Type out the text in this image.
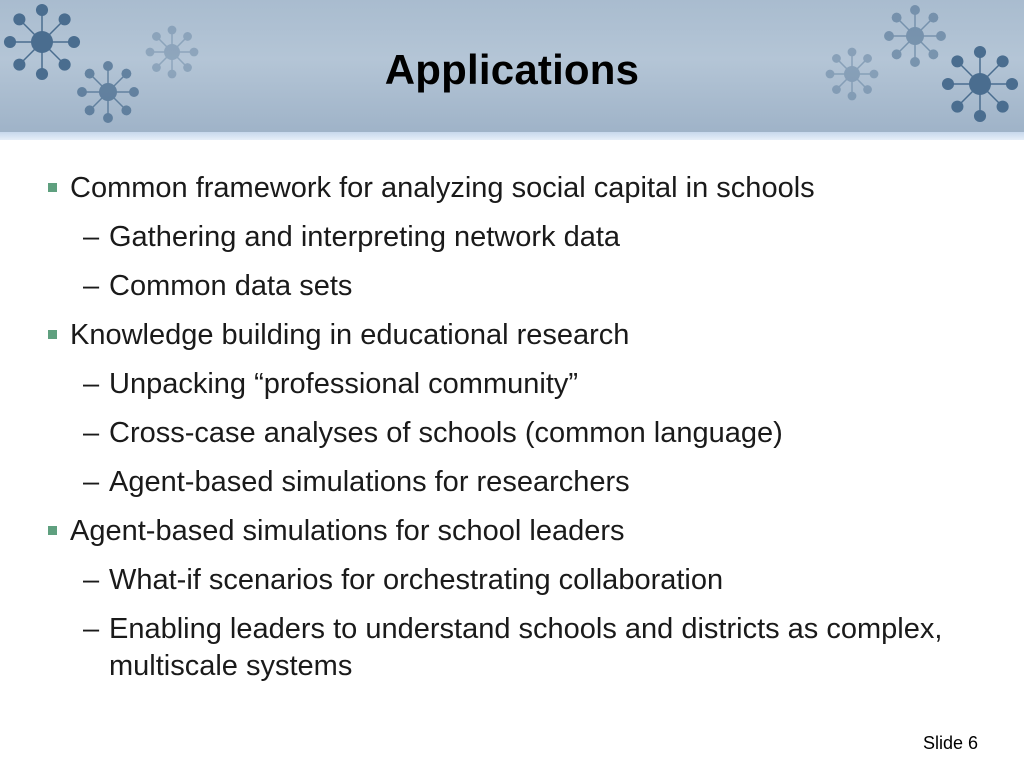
Applications
Common framework for analyzing social capital in schools
– Gathering and interpreting network data
– Common data sets
Knowledge building in educational research
– Unpacking “professional community”
– Cross-case analyses of schools (common language)
– Agent-based simulations for researchers
Agent-based simulations for school leaders
– What-if scenarios for orchestrating collaboration
– Enabling leaders to understand schools and districts as complex, multiscale systems
Slide 6
